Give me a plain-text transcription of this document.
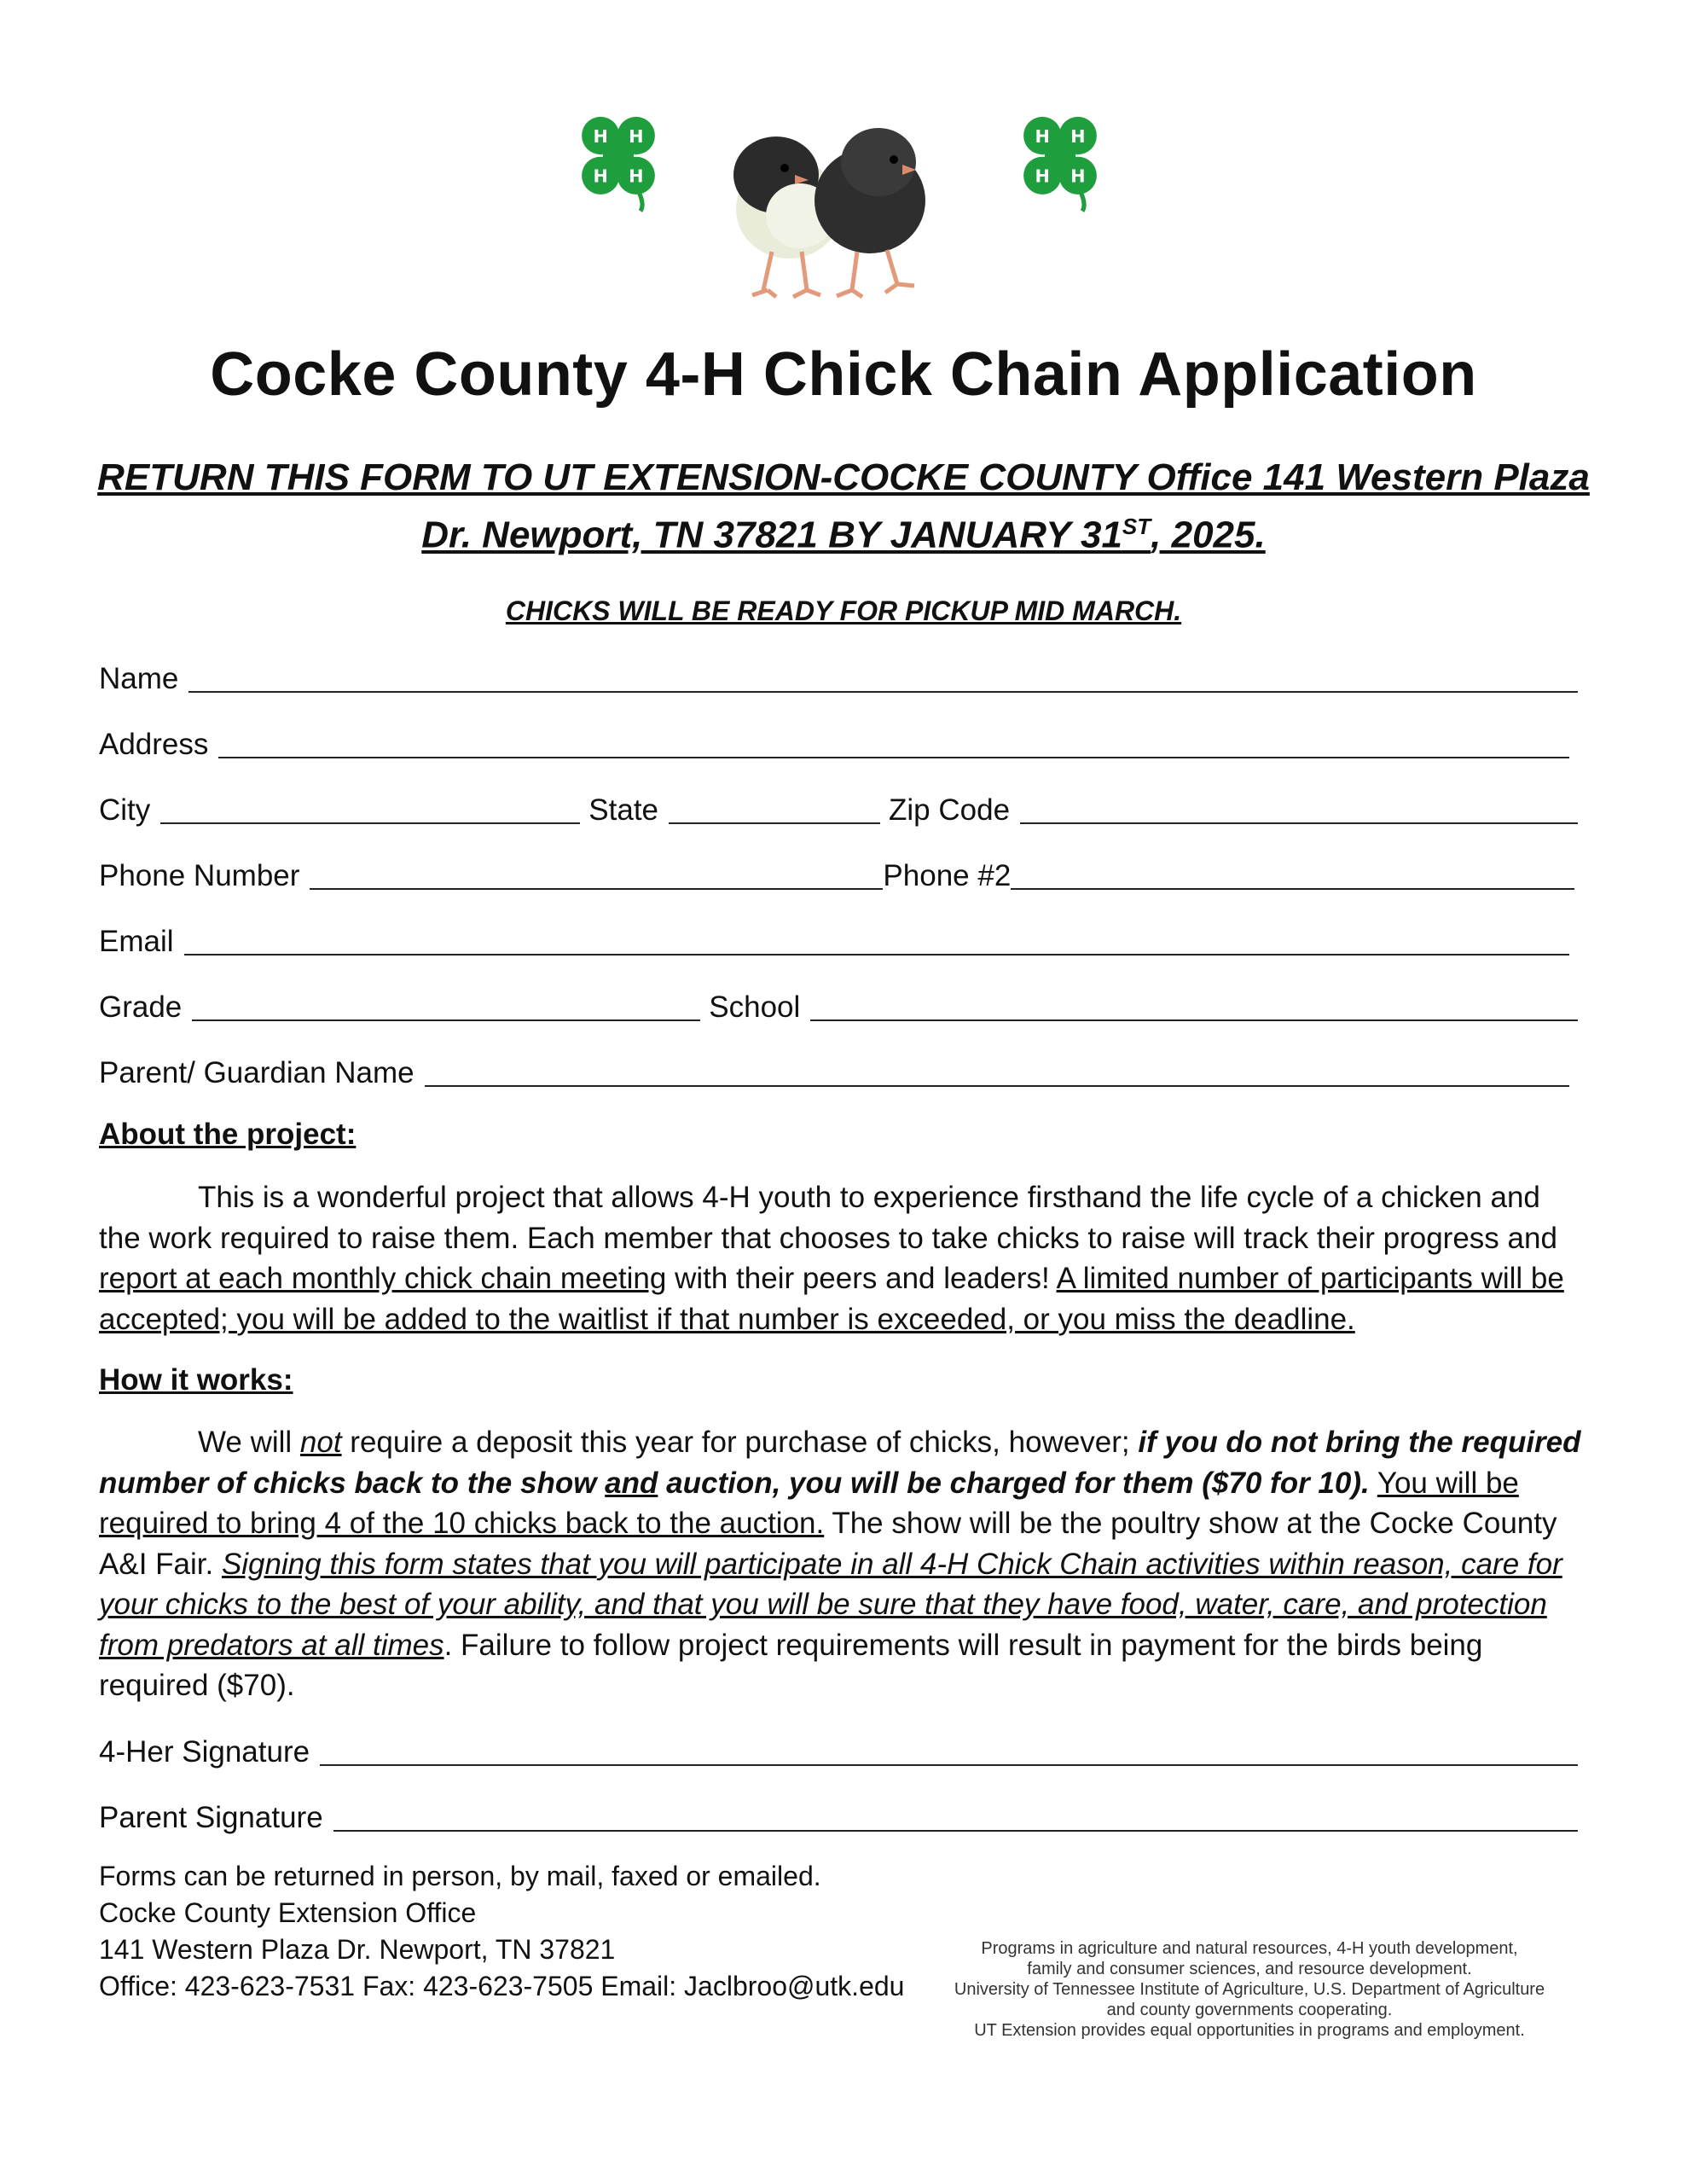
H H
H H
H H
H H
Cocke County 4-H Chick Chain Application
RETURN THIS FORM TO UT EXTENSION-COCKE COUNTY Office 141 Western Plaza
Dr. Newport, TN 37821 BY JANUARY 31ST, 2025.
CHICKS WILL BE READY FOR PICKUP MID MARCH.
Name
Address
City	State	Zip Code
Phone Number	Phone #2
Email
Grade	School
Parent/ Guardian Name
About the project:
This is a wonderful project that allows 4-H youth to experience firsthand the life cycle of a chicken and the work required to raise them. Each member that chooses to take chicks to raise will track their progress and report at each monthly chick chain meeting with their peers and leaders! A limited number of participants will be accepted; you will be added to the waitlist if that number is exceeded, or you miss the deadline.
How it works:
We will not require a deposit this year for purchase of chicks, however; if you do not bring the required number of chicks back to the show and auction, you will be charged for them ($70 for 10). You will be required to bring 4 of the 10 chicks back to the auction. The show will be the poultry show at the Cocke County A&I Fair. Signing this form states that you will participate in all 4-H Chick Chain activities within reason, care for your chicks to the best of your ability, and that you will be sure that they have food, water, care, and protection from predators at all times. Failure to follow project requirements will result in payment for the birds being required ($70).
4-Her Signature
Parent Signature
Forms can be returned in person, by mail, faxed or emailed.
Cocke County Extension Office
141 Western Plaza Dr. Newport, TN 37821
Office: 423-623-7531 Fax: 423-623-7505 Email: Jaclbroo@utk.edu
Programs in agriculture and natural resources, 4-H youth development,
family and consumer sciences, and resource development.
University of Tennessee Institute of Agriculture, U.S. Department of Agriculture
and county governments cooperating.
UT Extension provides equal opportunities in programs and employment.
